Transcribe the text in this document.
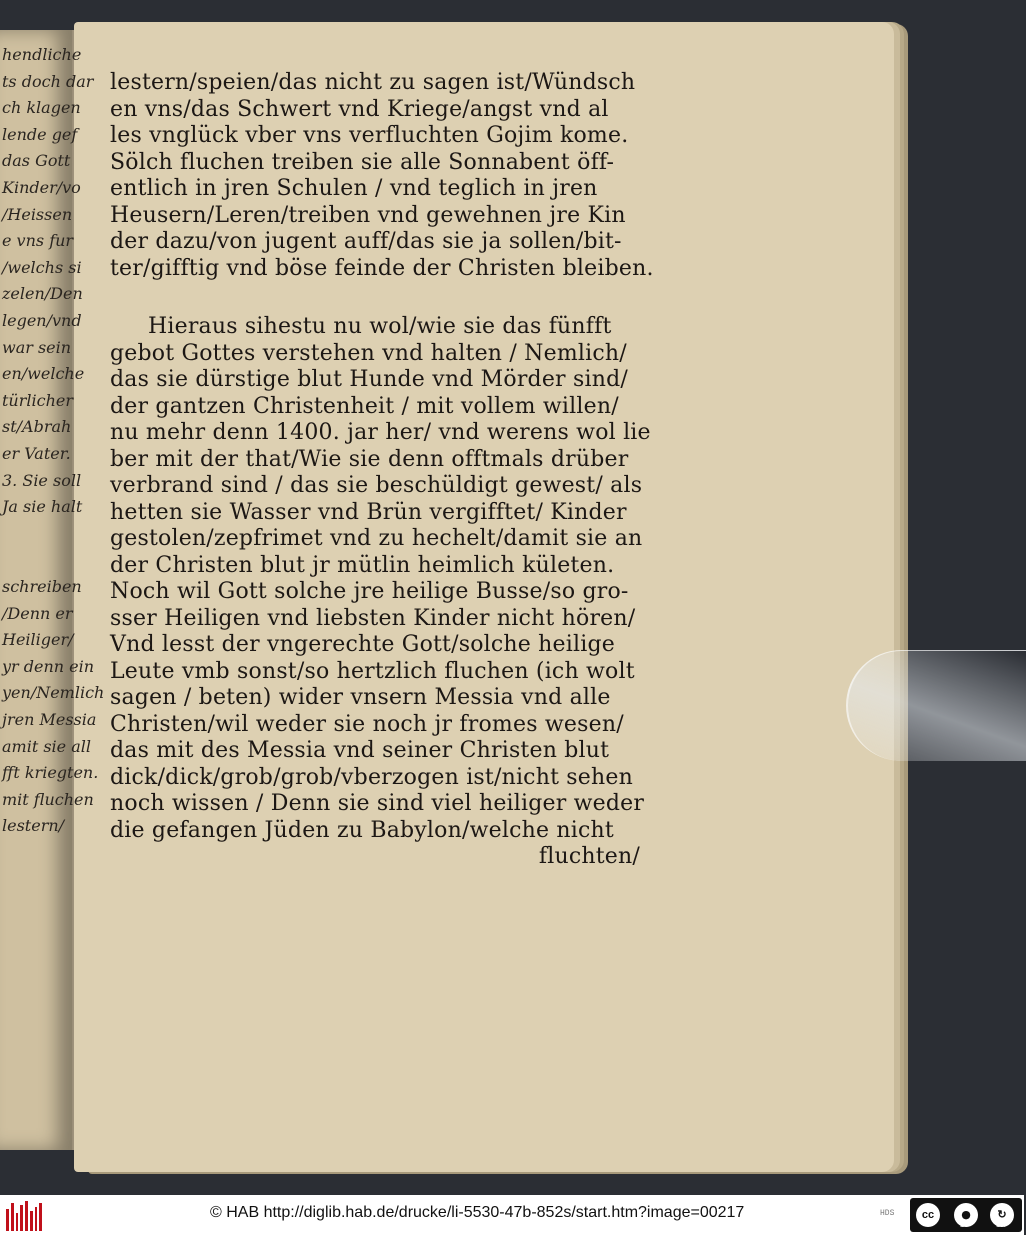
hendliche
ts doch dar
ch klagen
lende gef
das Gott
Kinder/vo
/Heissen
e vns fur
/welchs si
zelen/Den
legen/vnd
war sein
en/welche
türlicher
st/Abrah
er Vater.
3. Sie soll
Ja sie halt
schreiben
/Denn er
Heiliger/
yr denn ein
yen/Nemlich
jren Messia
amit sie all
fft kriegten.
mit fluchen
lestern/
lestern/speien/das nicht zu sagen ist/Wündsch
en vns/das Schwert vnd Kriege/angst vnd al
les vnglück vber vns verfluchten Gojim kome.
Sölch fluchen treiben sie alle Sonnabent öff-
entlich in jren Schulen / vnd teglich in jren
Heusern/Leren/treiben vnd gewehnen jre Kin
der dazu/von jugent auff/das sie ja sollen/bit-
ter/gifftig vnd böse feinde der Christen bleiben.
Hieraus sihestu nu wol/wie sie das fünfft
gebot Gottes verstehen vnd halten / Nemlich/
das sie dürstige blut Hunde vnd Mörder sind/
der gantzen Christenheit / mit vollem willen/
nu mehr denn 1400. jar her/ vnd werens wol lie
ber mit der that/Wie sie denn offtmals drüber
verbrand sind / das sie beschüldigt gewest/ als
hetten sie Wasser vnd Brün vergifftet/ Kinder
gestolen/zepfrimet vnd zu hechelt/damit sie an
der Christen blut jr mütlin heimlich kületen.
Noch wil Gott solche jre heilige Busse/so gro-
sser Heiligen vnd liebsten Kinder nicht hören/
Vnd lesst der vngerechte Gott/solche heilige
Leute vmb sonst/so hertzlich fluchen (ich wolt
sagen / beten) wider vnsern Messia vnd alle
Christen/wil weder sie noch jr fromes wesen/
das mit des Messia vnd seiner Christen blut
dick/dick/grob/grob/vberzogen ist/nicht sehen
noch wissen / Denn sie sind viel heiliger weder
die gefangen Jüden zu Babylon/welche nicht
fluchten/
© HAB http://diglib.hab.de/drucke/li-5530-47b-852s/start.htm?image=00217	HDS	cc	●	↻
BY	SA
